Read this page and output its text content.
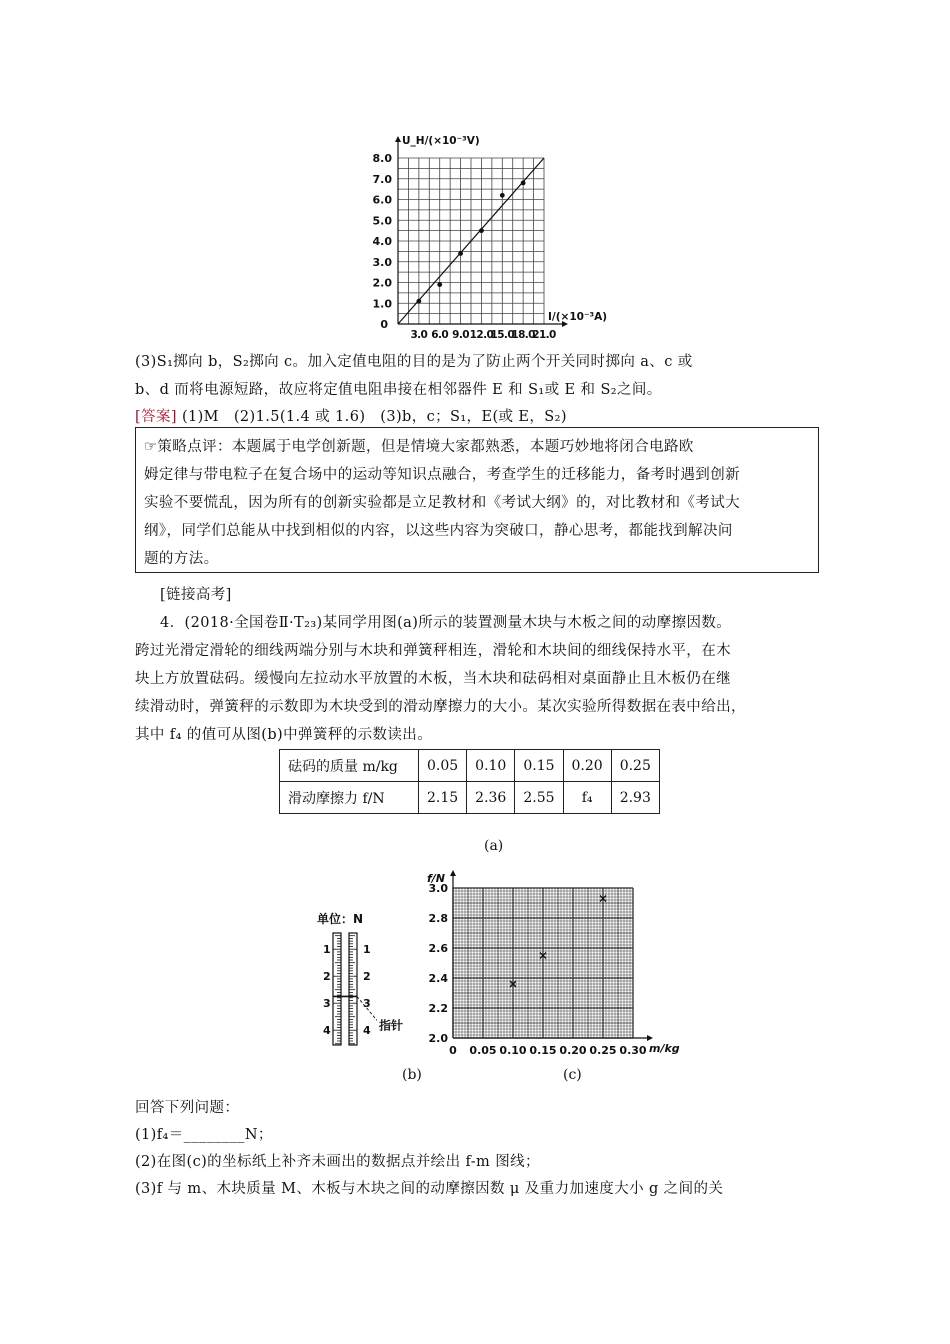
U_H/(×10⁻³V)
I/(×10⁻³A)
0
1.0
2.0
3.0
4.0
5.0
6.0
7.0
8.0
3.0 6.0 9.0 12.0
15.0
18.0
21.0
(3)S₁掷向 b，S₂掷向 c。加入定值电阻的目的是为了防止两个开关同时掷向 a、c 或
b、d 而将电源短路，故应将定值电阻串接在相邻器件 E 和 S₁或 E 和 S₂之间。
[答案] (1)M　(2)1.5(1.4 或 1.6)　(3)b，c；S₁，E(或 E，S₂)
☞策略点评：本题属于电学创新题，但是情境大家都熟悉，本题巧妙地将闭合电路欧
姆定律与带电粒子在复合场中的运动等知识点融合，考查学生的迁移能力，备考时遇到创新
实验不要慌乱，因为所有的创新实验都是立足教材和《考试大纲》的，对比教材和《考试大
纲》，同学们总能从中找到相似的内容，以这些内容为突破口，静心思考，都能找到解决问
题的方法。
[链接高考]
4．(2018·全国卷Ⅱ·T₂₃)某同学用图(a)所示的装置测量木块与木板之间的动摩擦因数。
跨过光滑定滑轮的细线两端分别与木块和弹簧秤相连，滑轮和木块间的细线保持水平，在木
块上方放置砝码。缓慢向左拉动水平放置的木板，当木块和砝码相对桌面静止且木板仍在继
续滑动时，弹簧秤的示数即为木块受到的滑动摩擦力的大小。某次实验所得数据在表中给出，
其中 f₄ 的值可从图(b)中弹簧秤的示数读出。
砝码的质量 m/kg	0.05	0.10	0.15	0.20	0.25
滑动摩擦力 f/N	2.15	2.36	2.55	f₄	2.93
(a)
单位：N
1	1
2	2
3	3
4	4 指针
(b)
f/N
m/kg
2.0
2.2
2.4
2.6
2.8
3.0
0 0.05 0.10 0.15 0.20 0.25 0.30
(c)
回答下列问题：
(1)f₄＝________N；
(2)在图(c)的坐标纸上补齐未画出的数据点并绘出 f-m 图线；
(3)f 与 m、木块质量 M、木板与木块之间的动摩擦因数 μ 及重力加速度大小 g 之间的关
